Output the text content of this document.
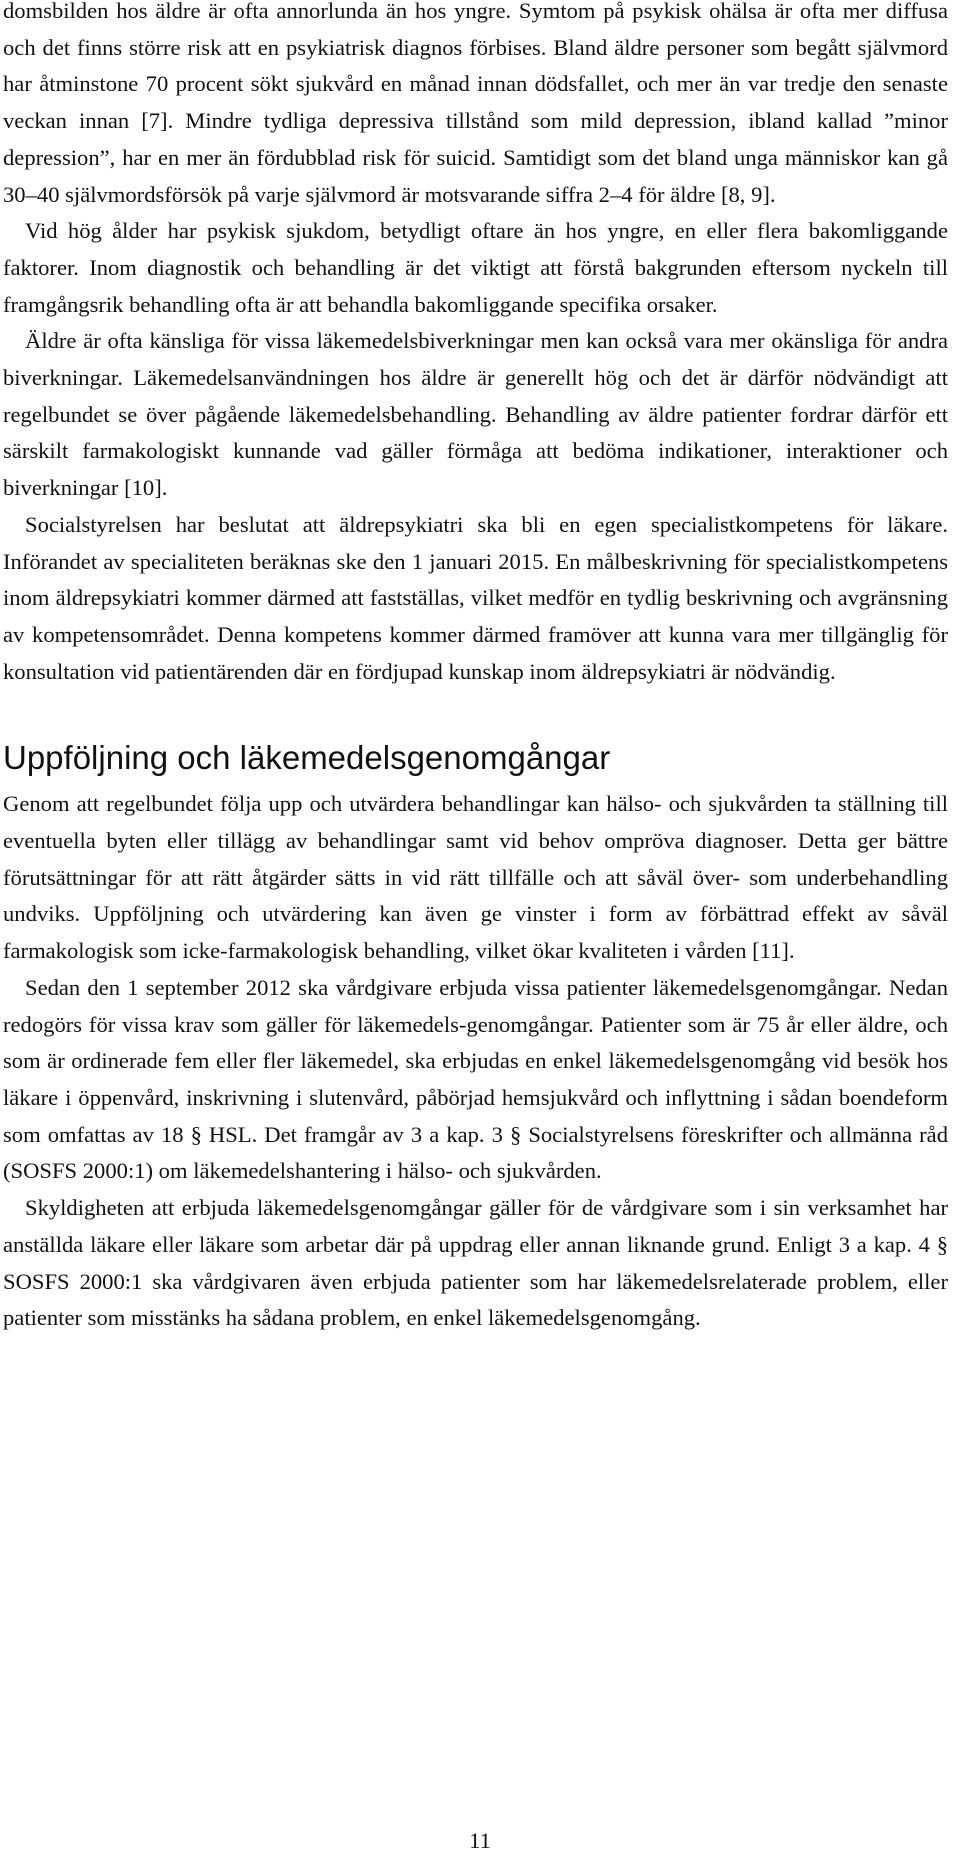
domsbilden hos äldre är ofta annorlunda än hos yngre. Symtom på psykisk ohälsa är ofta mer diffusa och det finns större risk att en psykiatrisk diagnos förbises. Bland äldre personer som begått självmord har åtminstone 70 procent sökt sjukvård en månad innan dödsfallet, och mer än var tredje den senaste veckan innan [7]. Mindre tydliga depressiva tillstånd som mild depression, ibland kallad ”minor depression”, har en mer än fördubblad risk för suicid. Samtidigt som det bland unga människor kan gå 30–40 självmordsförsök på varje självmord är motsvarande siffra 2–4 för äldre [8, 9].

Vid hög ålder har psykisk sjukdom, betydligt oftare än hos yngre, en eller flera bakomliggande faktorer. Inom diagnostik och behandling är det viktigt att förstå bakgrunden eftersom nyckeln till framgångsrik behandling ofta är att behandla bakomliggande specifika orsaker.

Äldre är ofta känsliga för vissa läkemedelsbiverkningar men kan också vara mer okänsliga för andra biverkningar. Läkemedelsanvändningen hos äldre är generellt hög och det är därför nödvändigt att regelbundet se över pågående läkemedelsbehandling. Behandling av äldre patienter fordrar därför ett särskilt farmakologiskt kunnande vad gäller förmåga att bedöma indikationer, interaktioner och biverkningar [10].

Socialstyrelsen har beslutat att äldrepsykiatri ska bli en egen specialistkompetens för läkare. Införandet av specialiteten beräknas ske den 1 januari 2015. En målbeskrivning för specialistkompetens inom äldrepsykiatri kommer därmed att fastställas, vilket medför en tydlig beskrivning och avgränsning av kompetensområdet. Denna kompetens kommer därmed framöver att kunna vara mer tillgänglig för konsultation vid patientärenden där en fördjupad kunskap inom äldrepsykiatri är nödvändig.

Uppföljning och läkemedelsgenomgångar

Genom att regelbundet följa upp och utvärdera behandlingar kan hälso- och sjukvården ta ställning till eventuella byten eller tillägg av behandlingar samt vid behov ompröva diagnoser. Detta ger bättre förutsättningar för att rätt åtgärder sätts in vid rätt tillfälle och att såväl över- som underbehandling undviks. Uppföljning och utvärdering kan även ge vinster i form av förbättrad effekt av såväl farmakologisk som icke-farmakologisk behandling, vilket ökar kvaliteten i vården [11].

Sedan den 1 september 2012 ska vårdgivare erbjuda vissa patienter läkemedelsgenomgångar. Nedan redogörs för vissa krav som gäller för läkemedels-genomgångar. Patienter som är 75 år eller äldre, och som är ordinerade fem eller fler läkemedel, ska erbjudas en enkel läkemedelsgenomgång vid besök hos läkare i öppenvård, inskrivning i slutenvård, påbörjad hemsjukvård och inflyttning i sådan boendeform som omfattas av 18 § HSL. Det framgår av 3 a kap. 3 § Socialstyrelsens föreskrifter och allmänna råd (SOSFS 2000:1) om läkemedelshantering i hälso- och sjukvården.

Skyldigheten att erbjuda läkemedelsgenomgångar gäller för de vårdgivare som i sin verksamhet har anställda läkare eller läkare som arbetar där på uppdrag eller annan liknande grund. Enligt 3 a kap. 4 § SOSFS 2000:1 ska vårdgivaren även erbjuda patienter som har läkemedelsrelaterade problem, eller patienter som misstänks ha sådana problem, en enkel läkemedelsgenomgång.

11
